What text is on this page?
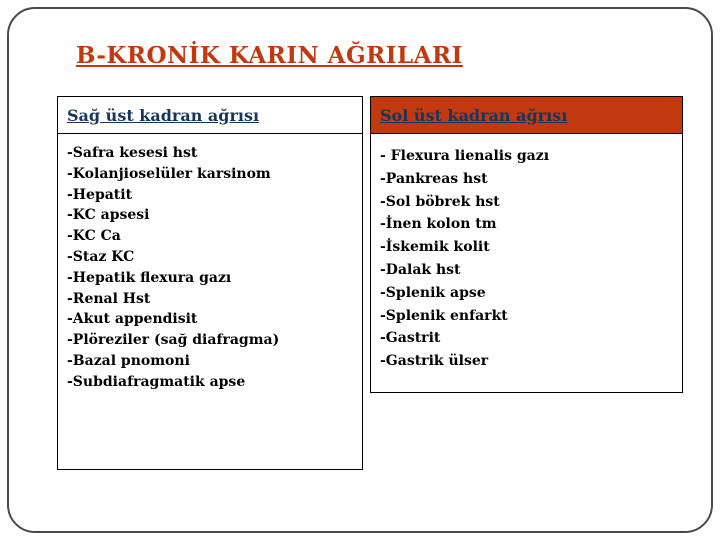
B-KRONİK KARIN AĞRILARI
Sağ üst kadran ağrısı
-Safra kesesi hst
-Kolanjioselüler karsinom
-Hepatit
-KC apsesi
-KC Ca
-Staz KC
-Hepatik flexura gazı
-Renal Hst
-Akut appendisit
-Plöreziler (sağ diafragma)
-Bazal pnomoni
-Subdiafragmatik apse
Sol üst kadran ağrısı
- Flexura lienalis gazı
-Pankreas hst
-Sol böbrek hst
-İnen kolon tm
-İskemik kolit
-Dalak hst
-Splenik apse
-Splenik enfarkt
-Gastrit
-Gastrik ülser
